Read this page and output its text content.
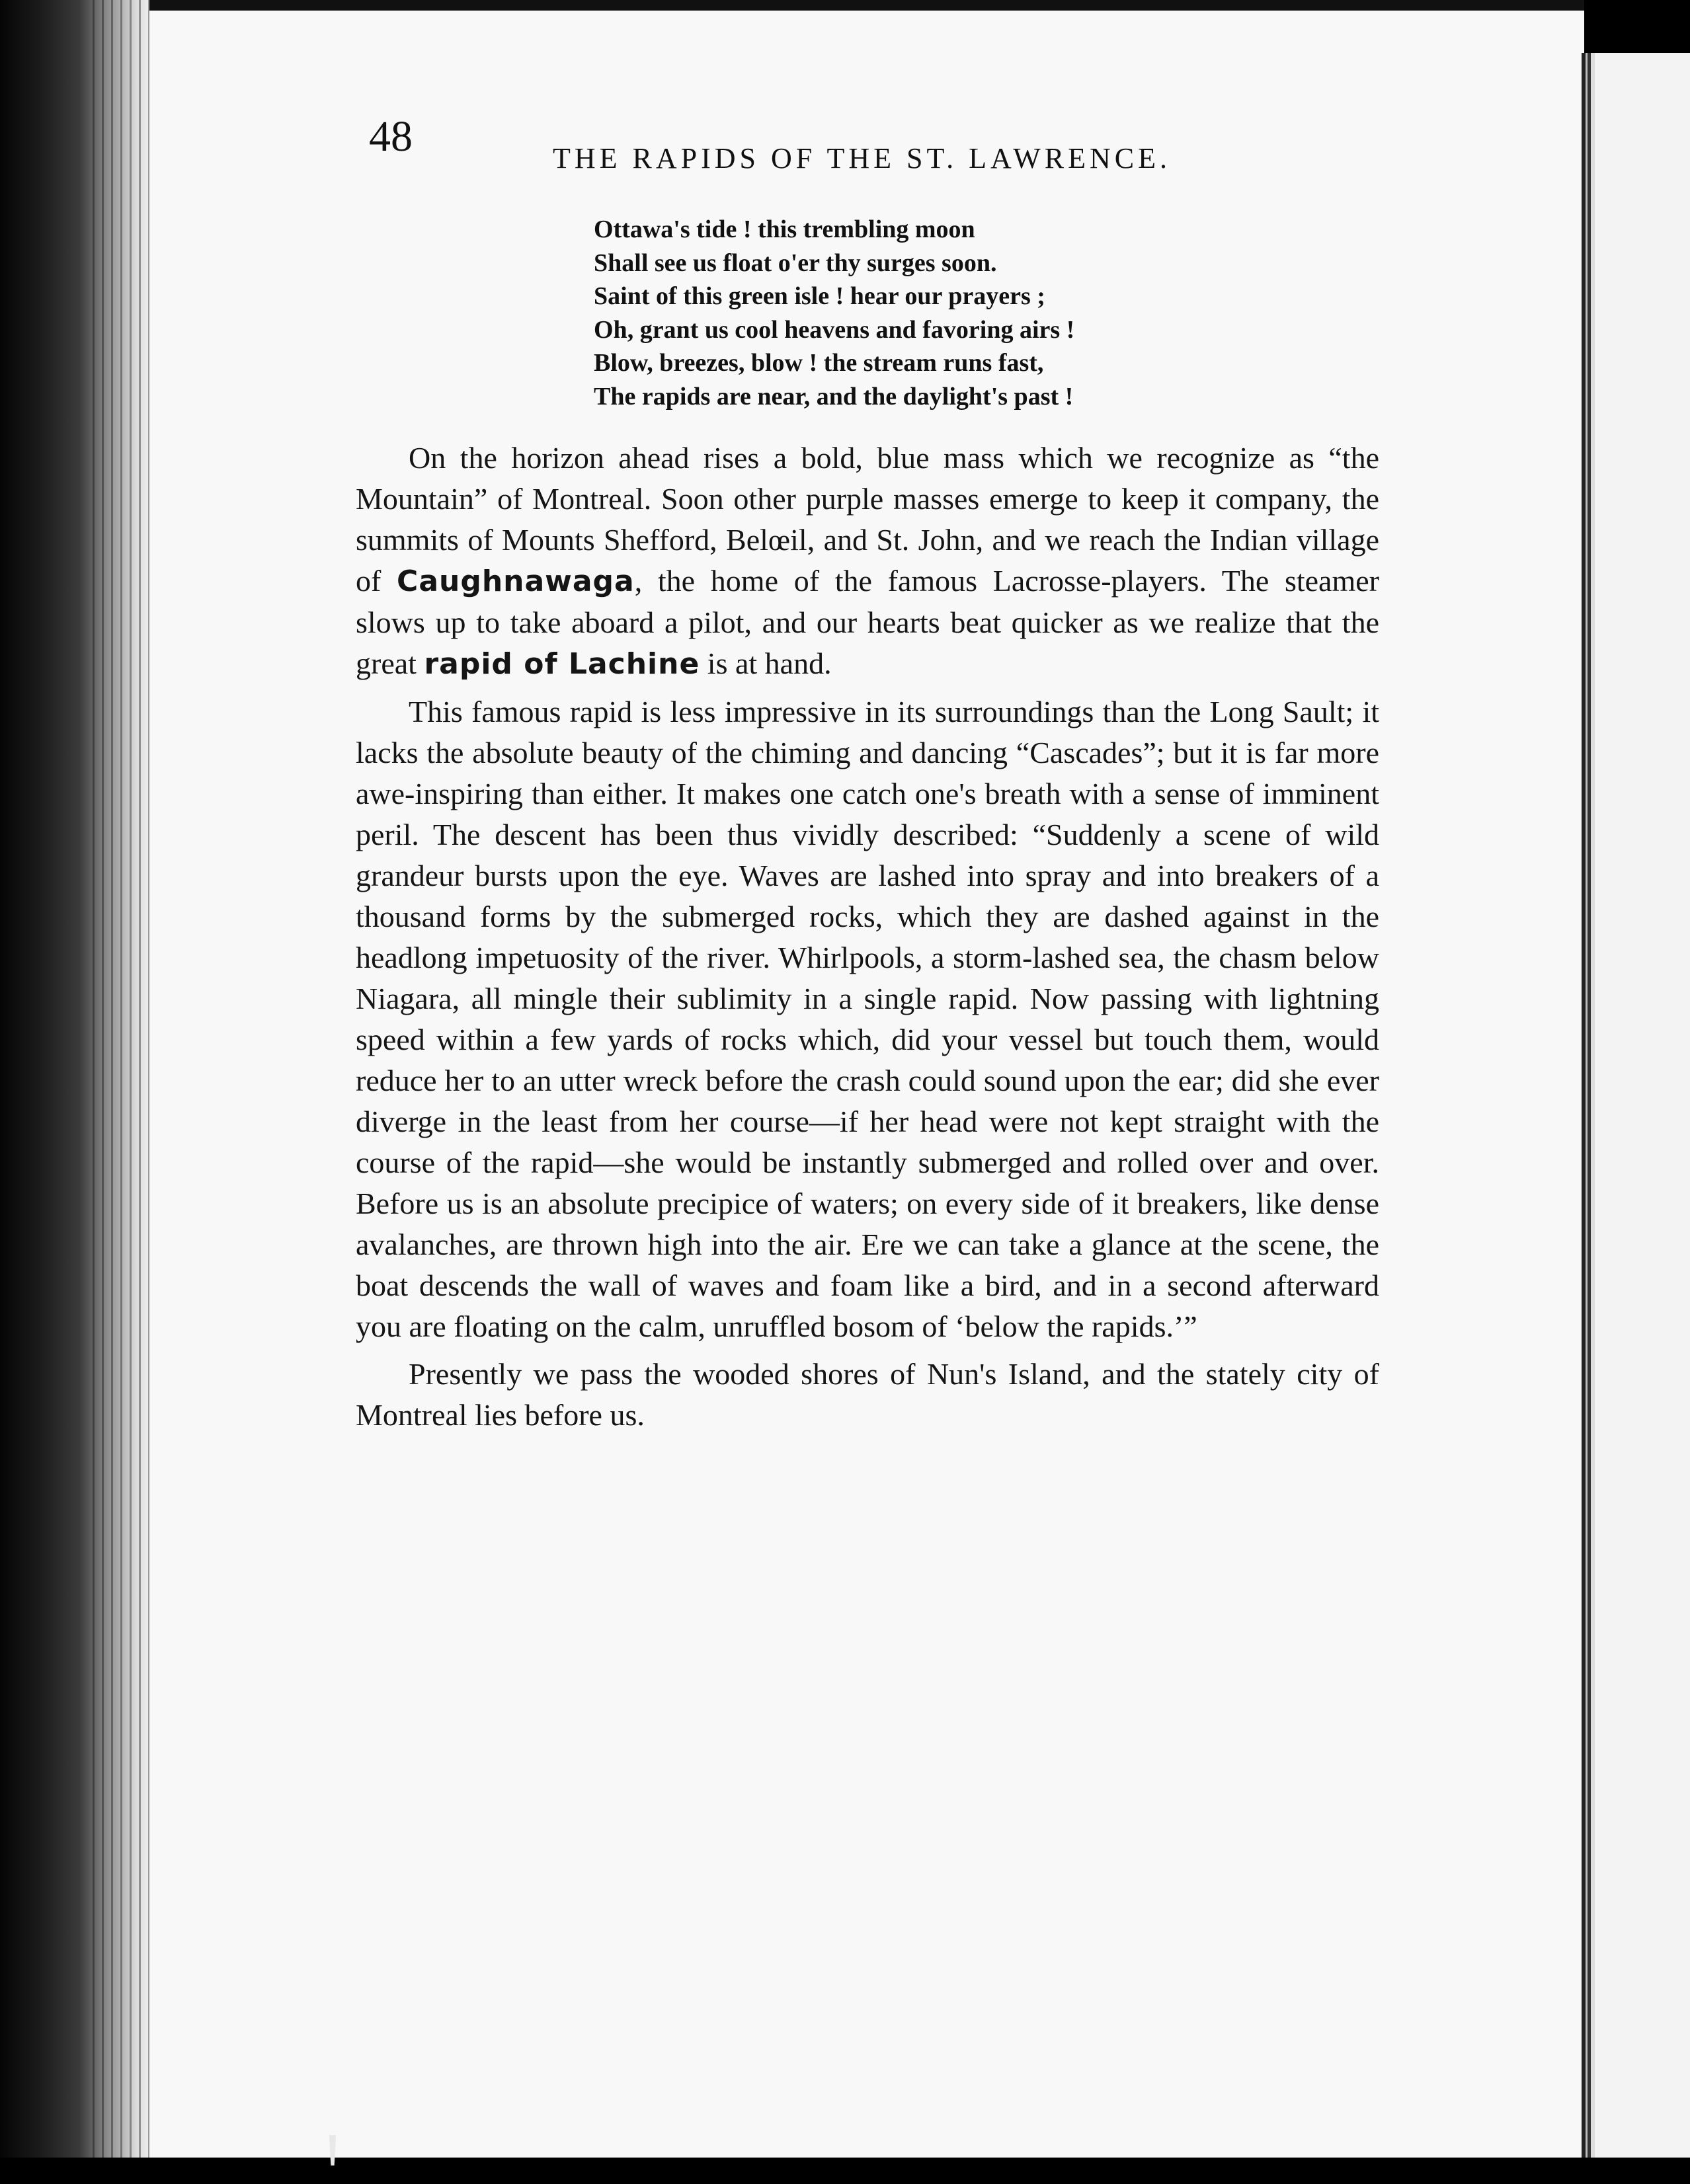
48	THE RAPIDS OF THE ST. LAWRENCE.
Ottawa's tide ! this trembling moon
Shall see us float o'er thy surges soon.
Saint of this green isle ! hear our prayers ;
Oh, grant us cool heavens and favoring airs !
Blow, breezes, blow ! the stream runs fast,
The rapids are near, and the daylight's past !

On the horizon ahead rises a bold, blue mass which we recognize as “the Mountain” of Montreal. Soon other purple masses emerge to keep it company, the summits of Mounts Shefford, Belœil, and St. John, and we reach the Indian village of Caughnawaga, the home of the famous Lacrosse-players. The steamer slows up to take aboard a pilot, and our hearts beat quicker as we realize that the great rapid of Lachine is at hand.

This famous rapid is less impressive in its surroundings than the Long Sault; it lacks the absolute beauty of the chiming and dancing “Cascades”; but it is far more awe-inspiring than either. It makes one catch one's breath with a sense of imminent peril. The descent has been thus vividly described: “Suddenly a scene of wild grandeur bursts upon the eye. Waves are lashed into spray and into breakers of a thousand forms by the submerged rocks, which they are dashed against in the headlong impetuosity of the river. Whirlpools, a storm-lashed sea, the chasm below Niagara, all mingle their sublimity in a single rapid. Now passing with lightning speed within a few yards of rocks which, did your vessel but touch them, would reduce her to an utter wreck before the crash could sound upon the ear; did she ever diverge in the least from her course—if her head were not kept straight with the course of the rapid—she would be instantly submerged and rolled over and over. Before us is an absolute precipice of waters; on every side of it breakers, like dense avalanches, are thrown high into the air. Ere we can take a glance at the scene, the boat descends the wall of waves and foam like a bird, and in a second afterward you are floating on the calm, unruffled bosom of ‘below the rapids.’”

Presently we pass the wooded shores of Nun's Island, and the stately city of Montreal lies before us.
